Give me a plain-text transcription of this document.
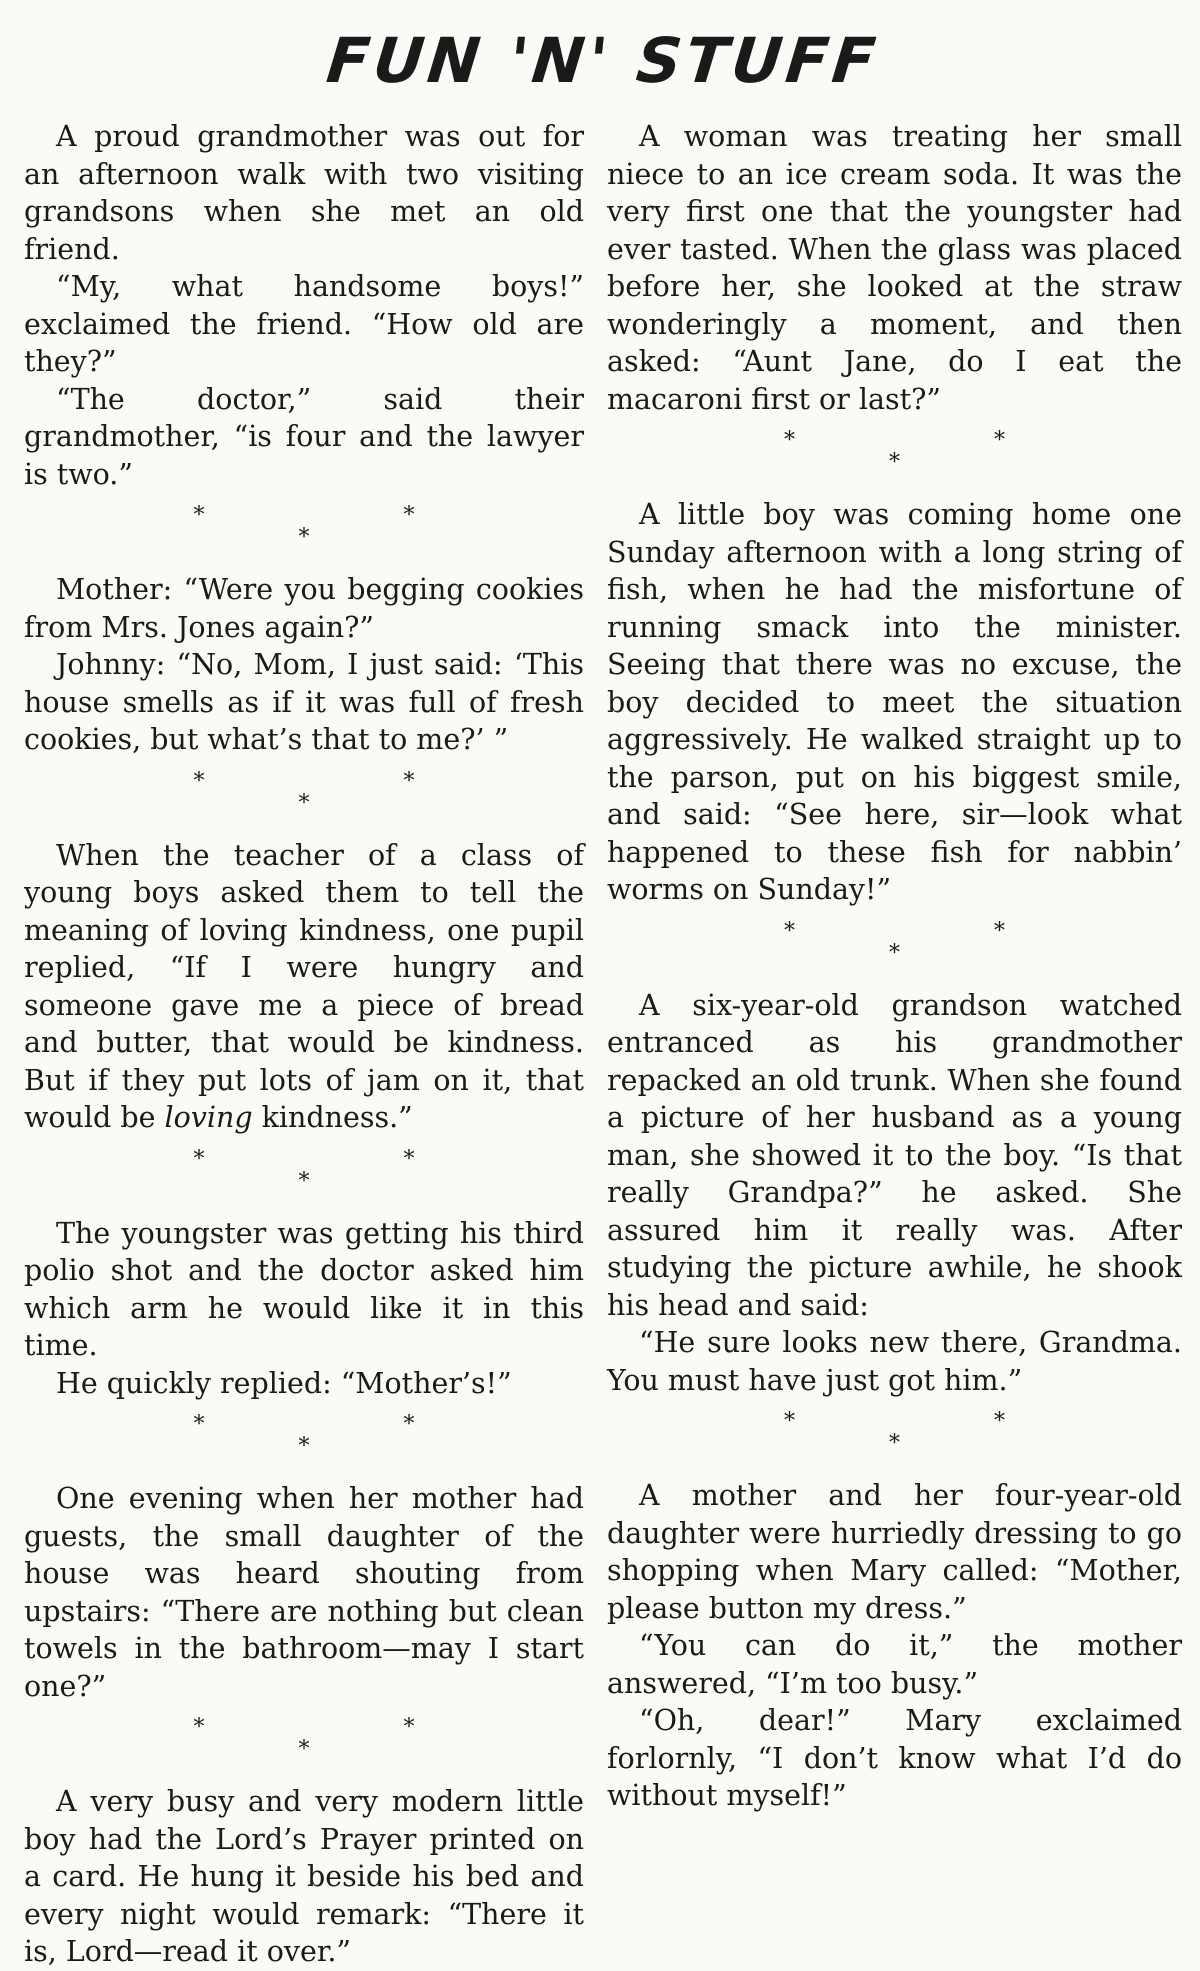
FUN 'N' STUFF

A proud grandmother was out for an afternoon walk with two visiting grandsons when she met an old friend.

“My, what handsome boys!” exclaimed the friend. “How old are they?”

“The doctor,” said their grandmother, “is four and the lawyer is two.”

* * *

Mother: “Were you begging cookies from Mrs. Jones again?”

Johnny: “No, Mom, I just said: ‘This house smells as if it was full of fresh cookies, but what’s that to me?’ ”

* * *

When the teacher of a class of young boys asked them to tell the meaning of loving kindness, one pupil replied, “If I were hungry and someone gave me a piece of bread and butter, that would be kindness. But if they put lots of jam on it, that would be loving kindness.”

* * *

The youngster was getting his third polio shot and the doctor asked him which arm he would like it in this time.

He quickly replied: “Mother’s!”

* * *

One evening when her mother had guests, the small daughter of the house was heard shouting from upstairs: “There are nothing but clean towels in the bathroom—may I start one?”

* * *

A very busy and very modern little boy had the Lord’s Prayer printed on a card. He hung it beside his bed and every night would remark: “There it is, Lord—read it over.”

A woman was treating her small niece to an ice cream soda. It was the very first one that the youngster had ever tasted. When the glass was placed before her, she looked at the straw wonderingly a moment, and then asked: “Aunt Jane, do I eat the macaroni first or last?”

* * *

A little boy was coming home one Sunday afternoon with a long string of fish, when he had the misfortune of running smack into the minister. Seeing that there was no excuse, the boy decided to meet the situation aggressively. He walked straight up to the parson, put on his biggest smile, and said: “See here, sir—look what happened to these fish for nabbin’ worms on Sunday!”

* * *

A six-year-old grandson watched entranced as his grandmother repacked an old trunk. When she found a picture of her husband as a young man, she showed it to the boy. “Is that really Grandpa?” he asked. She assured him it really was. After studying the picture awhile, he shook his head and said:

“He sure looks new there, Grandma. You must have just got him.”

* * *

A mother and her four-year-old daughter were hurriedly dressing to go shopping when Mary called: “Mother, please button my dress.”

“You can do it,” the mother answered, “I’m too busy.”

“Oh, dear!” Mary exclaimed forlornly, “I don’t know what I’d do without myself!”
